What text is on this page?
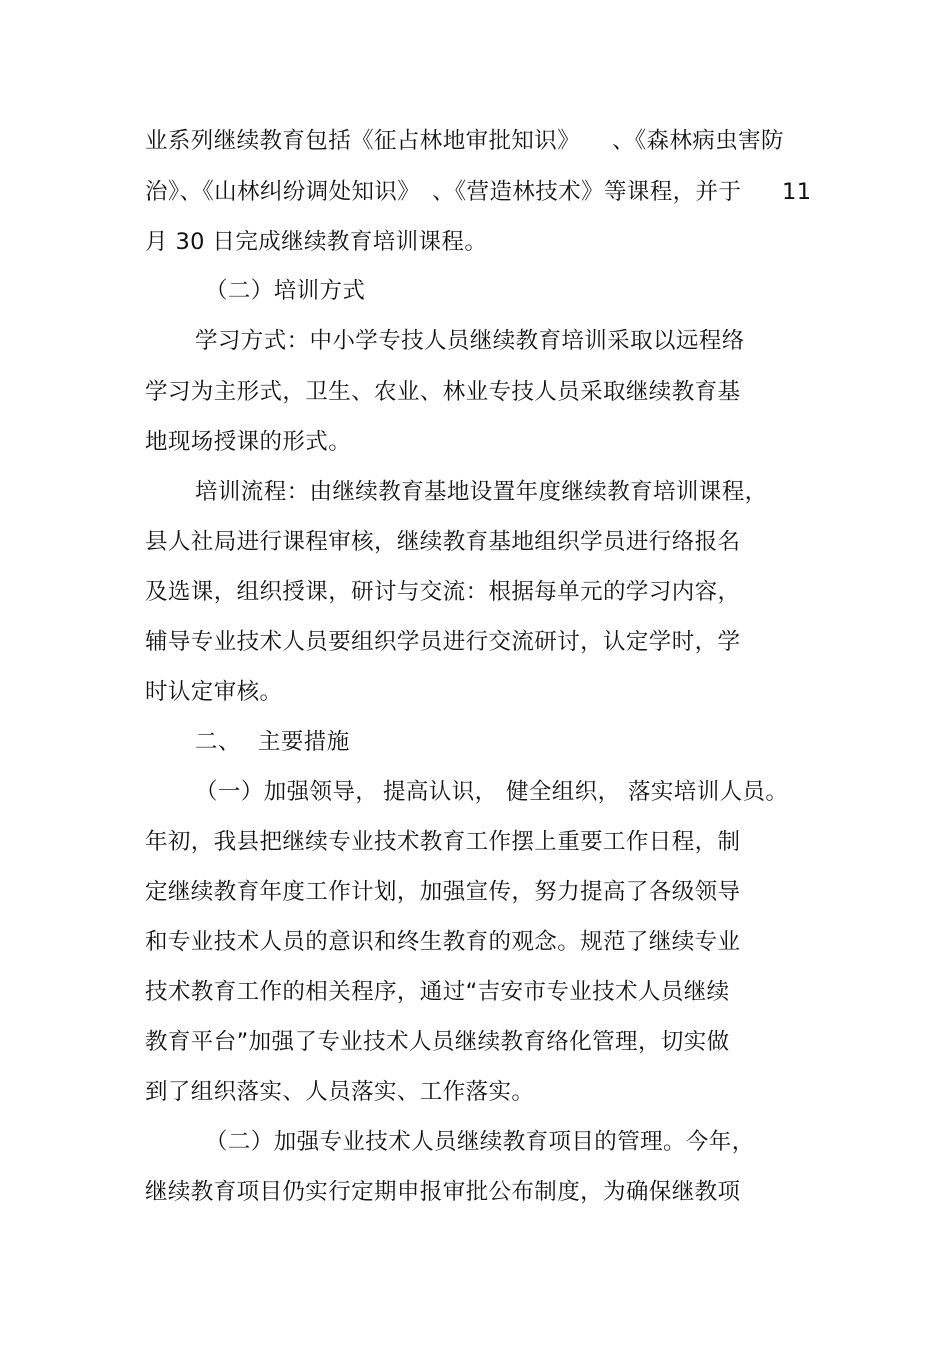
业系列继续教育包括《征占林地审批知识》 、《森林病虫害防
治》、《山林纠纷调处知识》 、《营造林技术》等课程，并于 11
月 30 日完成继续教育培训课程。
（二）培训方式
学习方式：中小学专技人员继续教育培训采取以远程络
学习为主形式，卫生、农业、林业专技人员采取继续教育基
地现场授课的形式。
培训流程：由继续教育基地设置年度继续教育培训课程，
县人社局进行课程审核，继续教育基地组织学员进行络报名
及选课，组织授课，研讨与交流：根据每单元的学习内容，
辅导专业技术人员要组织学员进行交流研讨，认定学时，学
时认定审核。
二、 主要措施
（一）加强领导， 提高认识， 健全组织， 落实培训人员。
年初，我县把继续专业技术教育工作摆上重要工作日程，制
定继续教育年度工作计划，加强宣传，努力提高了各级领导
和专业技术人员的意识和终生教育的观念。规范了继续专业
技术教育工作的相关程序，通过“吉安市专业技术人员继续
教育平台”加强了专业技术人员继续教育络化管理，切实做
到了组织落实、人员落实、工作落实。
（二）加强专业技术人员继续教育项目的管理。今年，
继续教育项目仍实行定期申报审批公布制度，为确保继教项
